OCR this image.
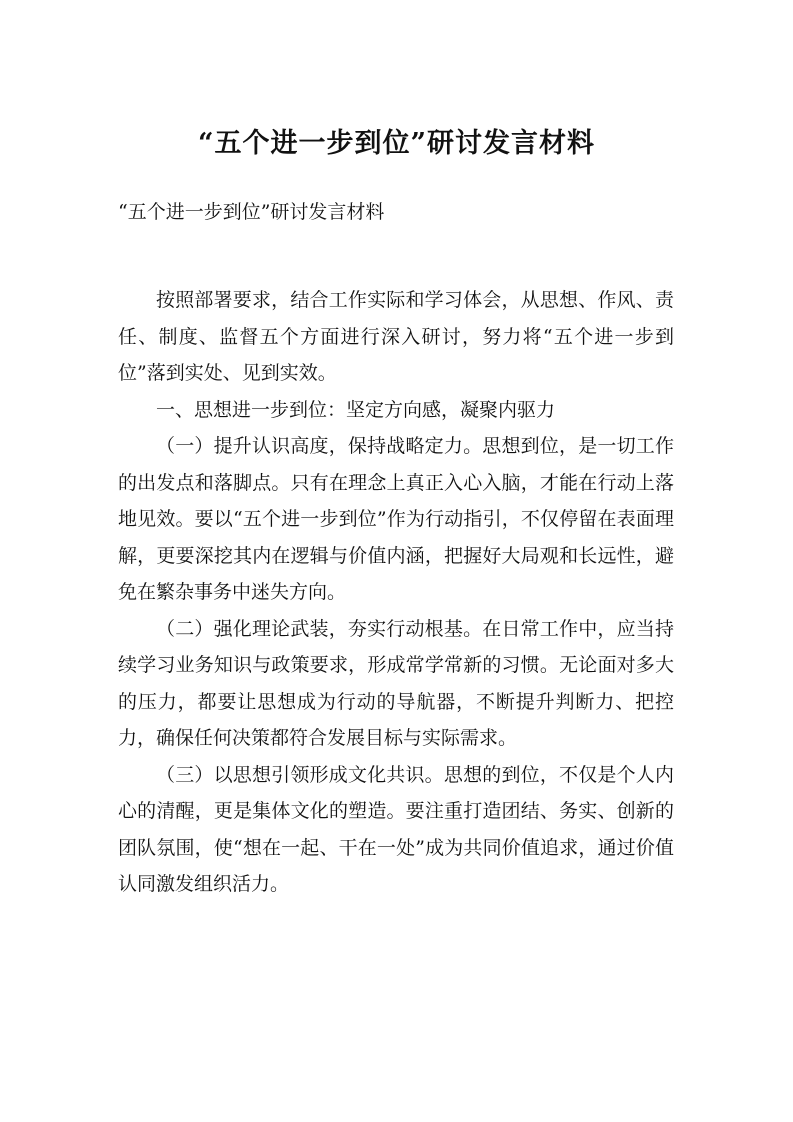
“五个进一步到位”研讨发言材料
“五个进一步到位”研讨发言材料

按照部署要求，结合工作实际和学习体会，从思想、作风、责任、制度、监督五个方面进行深入研讨，努力将“五个进一步到位”落到实处、见到实效。

一、思想进一步到位：坚定方向感，凝聚内驱力

（一）提升认识高度，保持战略定力。思想到位，是一切工作的出发点和落脚点。只有在理念上真正入心入脑，才能在行动上落地见效。要以“五个进一步到位”作为行动指引，不仅停留在表面理解，更要深挖其内在逻辑与价值内涵，把握好大局观和长远性，避免在繁杂事务中迷失方向。

（二）强化理论武装，夯实行动根基。在日常工作中，应当持续学习业务知识与政策要求，形成常学常新的习惯。无论面对多大的压力，都要让思想成为行动的导航器，不断提升判断力、把控力，确保任何决策都符合发展目标与实际需求。

（三）以思想引领形成文化共识。思想的到位，不仅是个人内心的清醒，更是集体文化的塑造。要注重打造团结、务实、创新的团队氛围，使“想在一起、干在一处”成为共同价值追求，通过价值认同激发组织活力。
